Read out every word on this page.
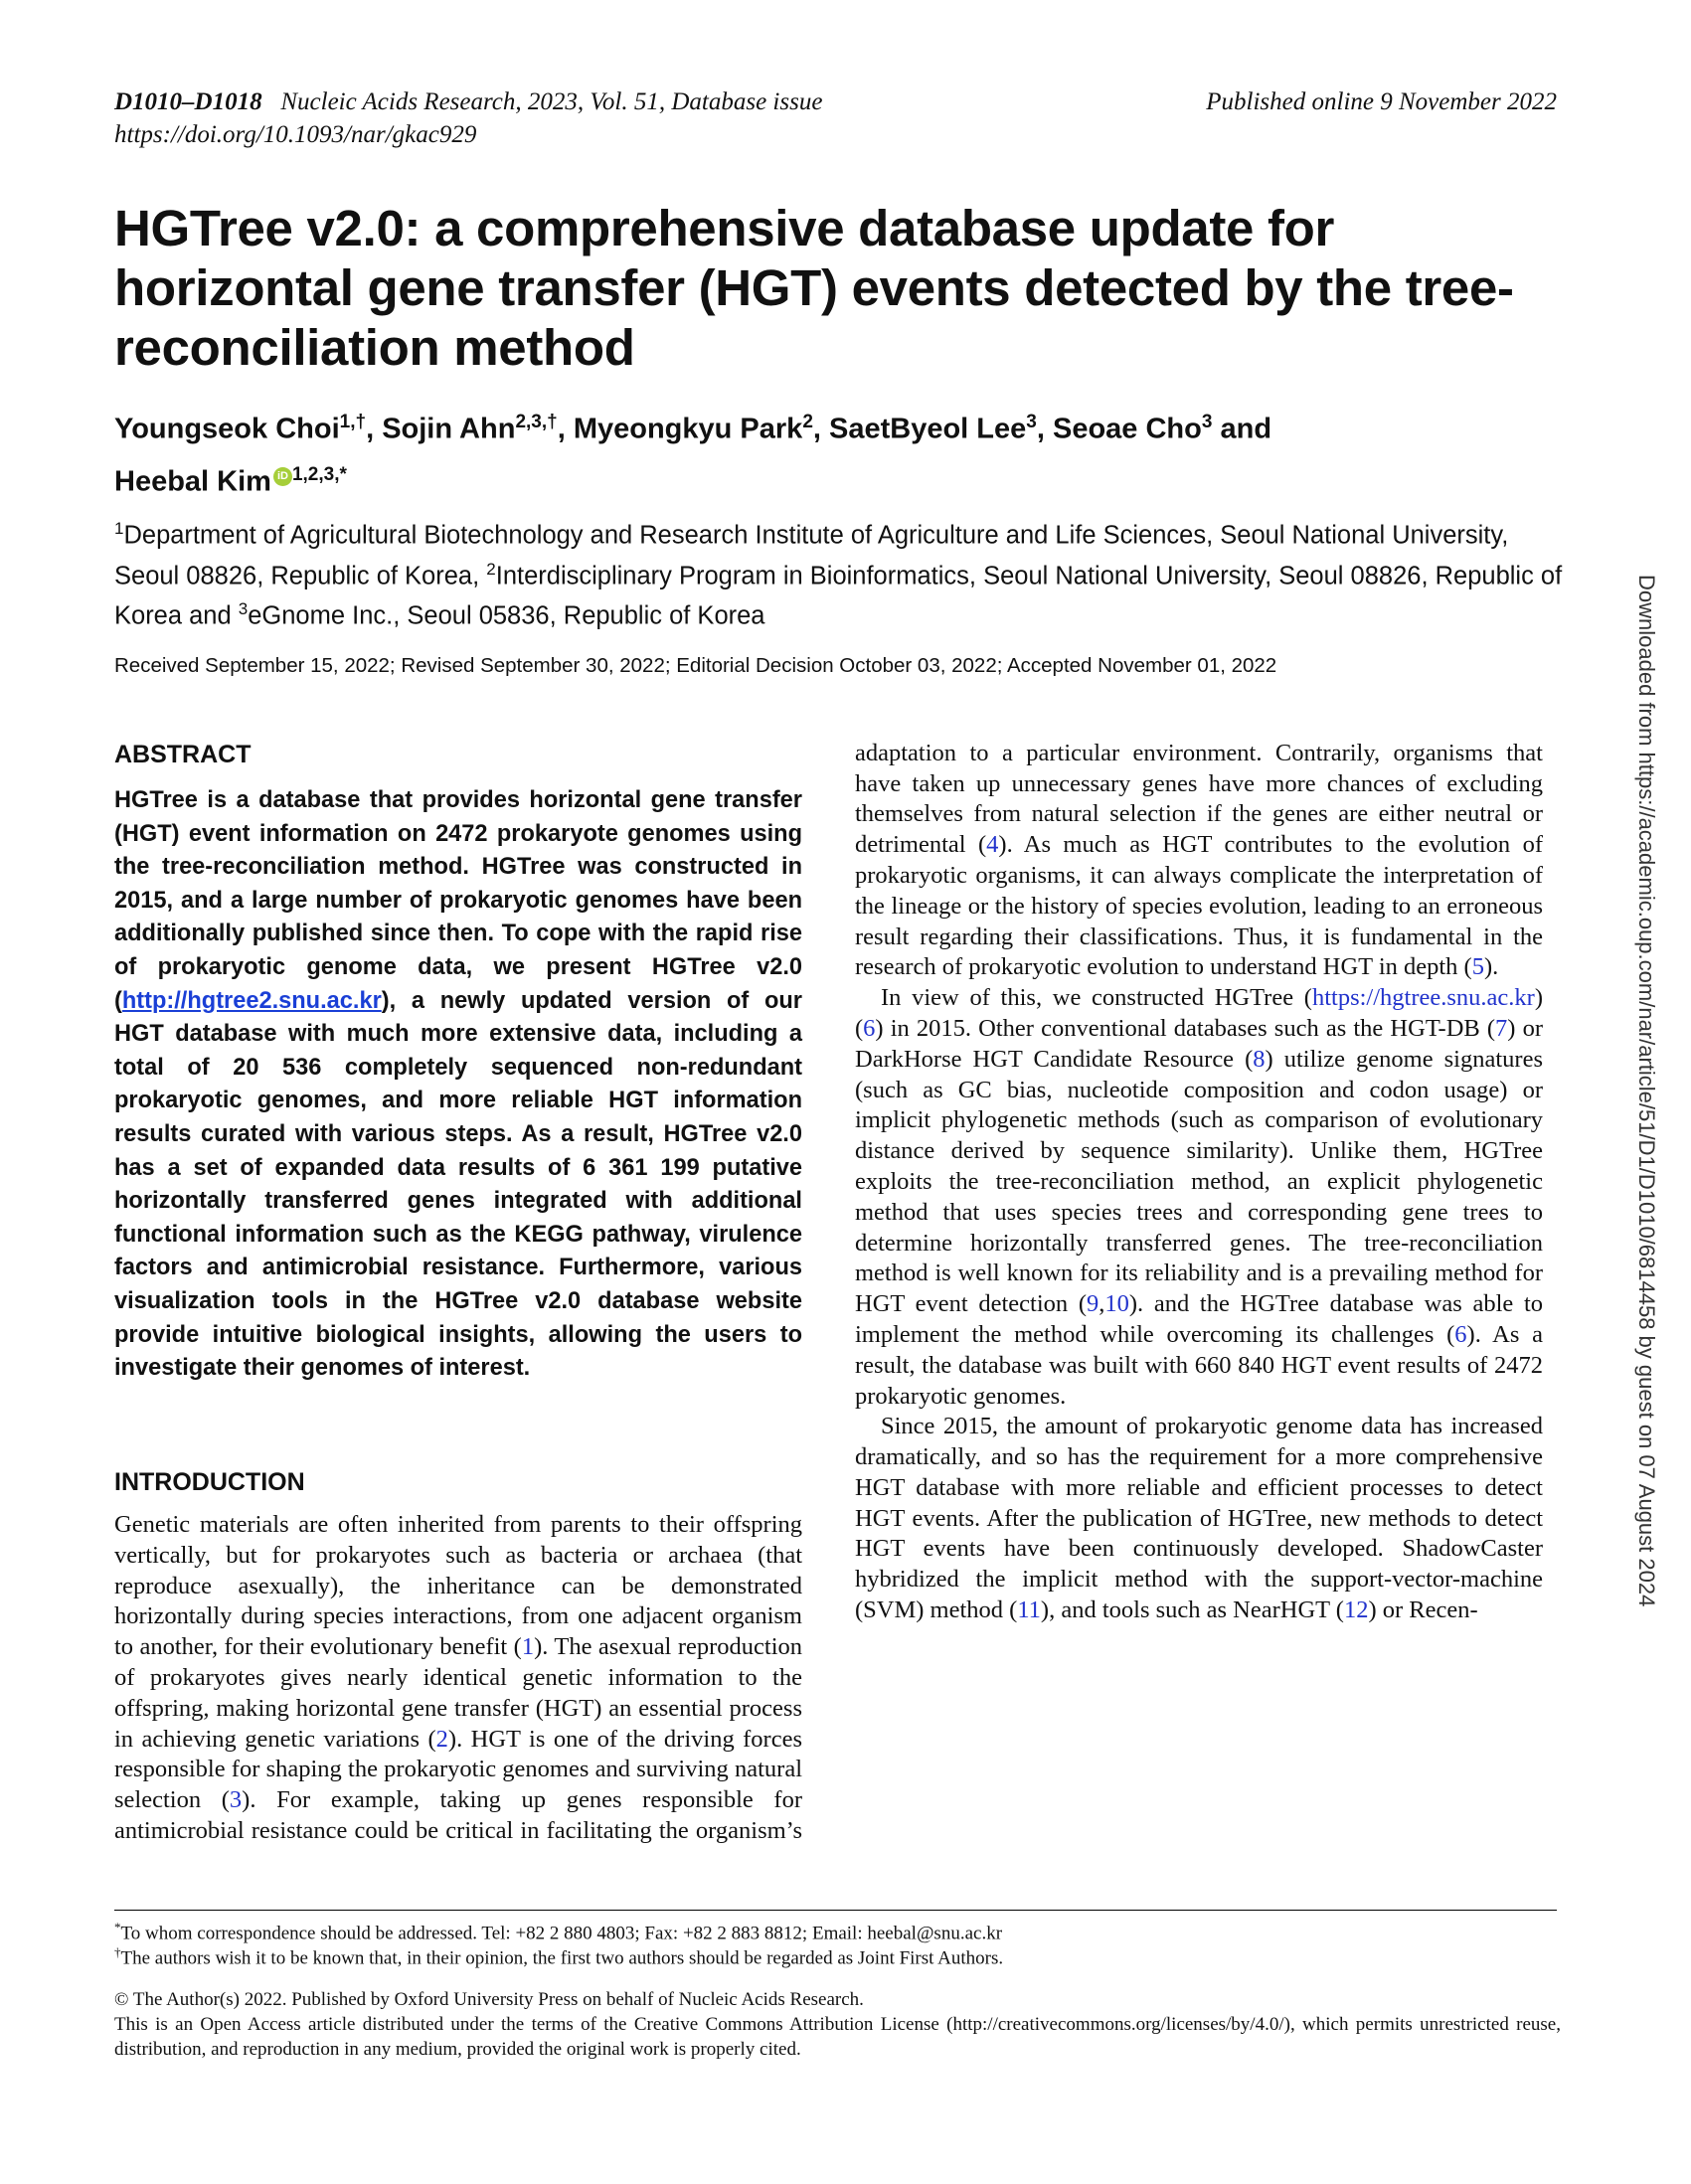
D1010–D1018 Nucleic Acids Research, 2023, Vol. 51, Database issue
https://doi.org/10.1093/nar/gkac929
Published online 9 November 2022
HGTree v2.0: a comprehensive database update for horizontal gene transfer (HGT) events detected by the tree-reconciliation method
Youngseok Choi$^{1,\dagger}$, Sojin Ahn$^{2,3,\dagger}$, Myeongkyu Park$^2$, SaetByeol Lee$^3$, Seoae Cho$^3$ and
Heebal Kim iD $^{1,2,3,*}$
$^1$Department of Agricultural Biotechnology and Research Institute of Agriculture and Life Sciences, Seoul National University, Seoul 08826, Republic of Korea, $^2$Interdisciplinary Program in Bioinformatics, Seoul National University, Seoul 08826, Republic of Korea and $^3$eGnome Inc., Seoul 05836, Republic of Korea
Received September 15, 2022; Revised September 30, 2022; Editorial Decision October 03, 2022; Accepted November 01, 2022
ABSTRACT
HGTree is a database that provides horizontal gene transfer (HGT) event information on 2472 prokaryote genomes using the tree-reconciliation method. HGTree was constructed in 2015, and a large number of prokaryotic genomes have been additionally published since then. To cope with the rapid rise of prokaryotic genome data, we present HGTree v2.0 (http://hgtree2.snu.ac.kr), a newly updated version of our HGT database with much more extensive data, including a total of 20 536 completely sequenced non-redundant prokaryotic genomes, and more reliable HGT information results curated with various steps. As a result, HGTree v2.0 has a set of expanded data results of 6 361 199 putative horizontally transferred genes integrated with additional functional information such as the KEGG pathway, virulence factors and antimicrobial resistance. Furthermore, various visualization tools in the HGTree v2.0 database website provide intuitive biological insights, allowing the users to investigate their genomes of interest.
INTRODUCTION

Genetic materials are often inherited from parents to their offspring vertically, but for prokaryotes such as bacteria or archaea (that reproduce asexually), the inheritance can be demonstrated horizontally during species interactions, from one adjacent organism to another, for their evolutionary benefit (1). The asexual reproduction of prokaryotes gives nearly identical genetic information to the offspring, making horizontal gene transfer (HGT) an essential process in achieving genetic variations (2). HGT is one of the driving forces responsible for shaping the prokaryotic genomes and surviving natural selection (3). For example, taking up genes responsible for antimicrobial resistance could be critical in facilitating the organism’s

adaptation to a particular environment. Contrarily, organisms that have taken up unnecessary genes have more chances of excluding themselves from natural selection if the genes are either neutral or detrimental (4). As much as HGT contributes to the evolution of prokaryotic organisms, it can always complicate the interpretation of the lineage or the history of species evolution, leading to an erroneous result regarding their classifications. Thus, it is fundamental in the research of prokaryotic evolution to understand HGT in depth (5).

In view of this, we constructed HGTree (https://hgtree.snu.ac.kr) (6) in 2015. Other conventional databases such as the HGT-DB (7) or DarkHorse HGT Candidate Resource (8) utilize genome signatures (such as GC bias, nucleotide composition and codon usage) or implicit phylogenetic methods (such as comparison of evolutionary distance derived by sequence similarity). Unlike them, HGTree exploits the tree-reconciliation method, an explicit phylogenetic method that uses species trees and corresponding gene trees to determine horizontally transferred genes. The tree-reconciliation method is well known for its reliability and is a prevailing method for HGT event detection (9,10). and the HGTree database was able to implement the method while overcoming its challenges (6). As a result, the database was built with 660 840 HGT event results of 2472 prokaryotic genomes.

Since 2015, the amount of prokaryotic genome data has increased dramatically, and so has the requirement for a more comprehensive HGT database with more reliable and efficient processes to detect HGT events. After the publication of HGTree, new methods to detect HGT events have been continuously developed. ShadowCaster hybridized the implicit method with the support-vector-machine (SVM) method (11), and tools such as NearHGT (12) or Recen-

*To whom correspondence should be addressed. Tel: +82 2 880 4803; Fax: +82 2 883 8812; Email: heebal@snu.ac.kr
†The authors wish it to be known that, in their opinion, the first two authors should be regarded as Joint First Authors.
© The Author(s) 2022. Published by Oxford University Press on behalf of Nucleic Acids Research.
This is an Open Access article distributed under the terms of the Creative Commons Attribution License (http://creativecommons.org/licenses/by/4.0/), which permits unrestricted reuse, distribution, and reproduction in any medium, provided the original work is properly cited.
Downloaded from https://academic.oup.com/nar/article/51/D1/D1010/6814458 by guest on 07 August 2024
